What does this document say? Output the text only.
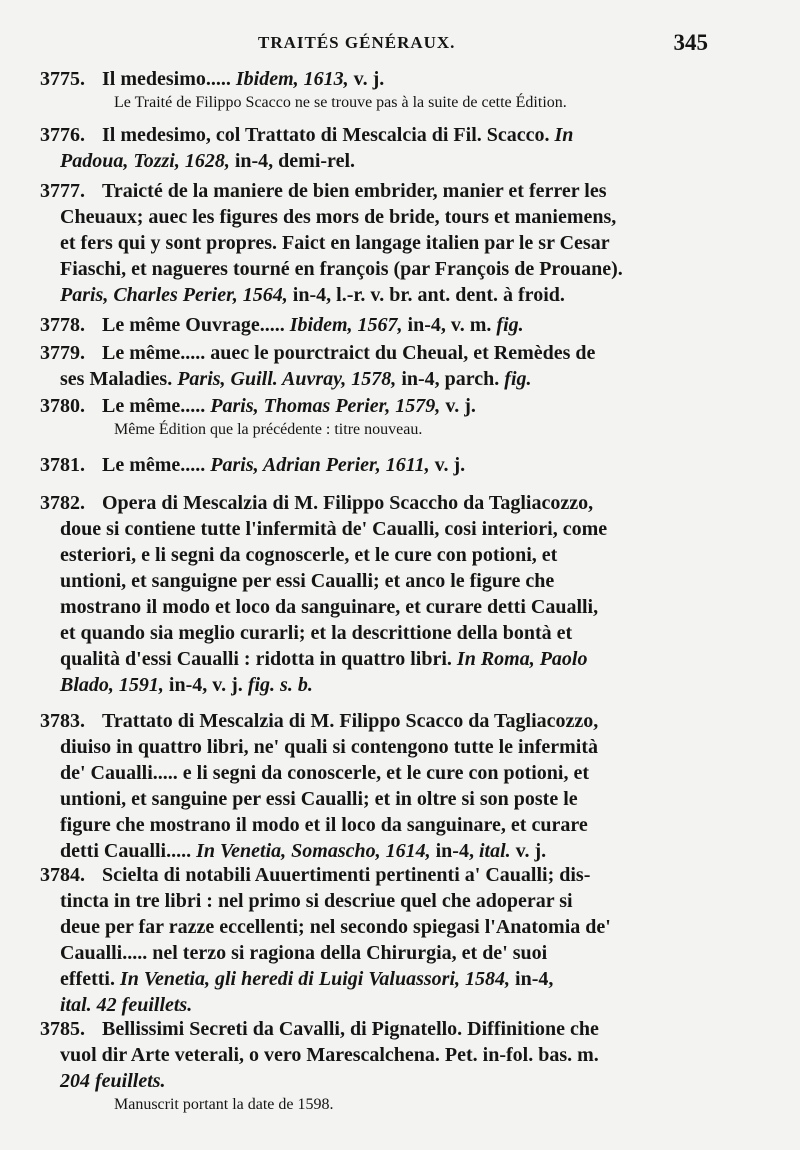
TRAITÉS GÉNÉRAUX.	345
3775. Il medesimo..... Ibidem, 1613, v. j.
Le Traité de Filippo Scacco ne se trouve pas à la suite de cette Édition.
3776. Il medesimo, col Trattato di Mescalcia di Fil. Scacco. In
Padoua, Tozzi, 1628, in-4, demi-rel.
3777. Traicté de la maniere de bien embrider, manier et ferrer les
Cheuaux; auec les figures des mors de bride, tours et maniemens,
et fers qui y sont propres. Faict en langage italien par le sr Cesar
Fiaschi, et nagueres tourné en françois (par François de Prouane).
Paris, Charles Perier, 1564, in-4, l.-r. v. br. ant. dent. à froid.
3778. Le même Ouvrage..... Ibidem, 1567, in-4, v. m. fig.
3779. Le même..... auec le pourctraict du Cheual, et Remèdes de
ses Maladies. Paris, Guill. Auvray, 1578, in-4, parch. fig.
3780. Le même..... Paris, Thomas Perier, 1579, v. j.
Même Édition que la précédente : titre nouveau.
3781. Le même..... Paris, Adrian Perier, 1611, v. j.
3782. Opera di Mescalzia di M. Filippo Scaccho da Tagliacozzo,
doue si contiene tutte l'infermità de' Caualli, cosi interiori, come
esteriori, e li segni da cognoscerle, et le cure con potioni, et
untioni, et sanguigne per essi Caualli; et anco le figure che
mostrano il modo et loco da sanguinare, et curare detti Caualli,
et quando sia meglio curarli; et la descrittione della bontà et
qualità d'essi Caualli : ridotta in quattro libri. In Roma, Paolo
Blado, 1591, in-4, v. j. fig. s. b.
3783. Trattato di Mescalzia di M. Filippo Scacco da Tagliacozzo,
diuiso in quattro libri, ne' quali si contengono tutte le infermità
de' Caualli..... e li segni da conoscerle, et le cure con potioni, et
untioni, et sanguine per essi Caualli; et in oltre si son poste le
figure che mostrano il modo et il loco da sanguinare, et curare
detti Caualli..... In Venetia, Somascho, 1614, in-4, ital. v. j.
3784. Scielta di notabili Auuertimenti pertinenti a' Caualli; dis-
tincta in tre libri : nel primo si descriue quel che adoperar si
deue per far razze eccellenti; nel secondo spiegasi l'Anatomia de'
Caualli..... nel terzo si ragiona della Chirurgia, et de' suoi
effetti. In Venetia, gli heredi di Luigi Valuassori, 1584, in-4,
ital. 42 feuillets.
3785. Bellissimi Secreti da Cavalli, di Pignatello. Diffinitione che
vuol dir Arte veterali, o vero Marescalchena. Pet. in-fol. bas. m.
204 feuillets.
Manuscrit portant la date de 1598.
